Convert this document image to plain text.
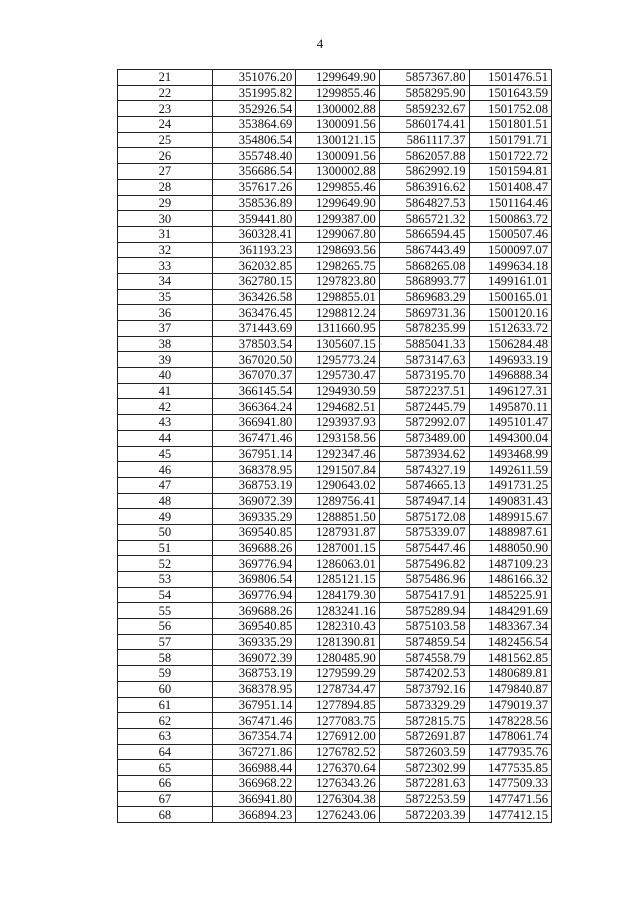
4
21	351076.20	1299649.90	5857367.80	1501476.51
22	351995.82	1299855.46	5858295.90	1501643.59
23	352926.54	1300002.88	5859232.67	1501752.08
24	353864.69	1300091.56	5860174.41	1501801.51
25	354806.54	1300121.15	5861117.37	1501791.71
26	355748.40	1300091.56	5862057.88	1501722.72
27	356686.54	1300002.88	5862992.19	1501594.81
28	357617.26	1299855.46	5863916.62	1501408.47
29	358536.89	1299649.90	5864827.53	1501164.46
30	359441.80	1299387.00	5865721.32	1500863.72
31	360328.41	1299067.80	5866594.45	1500507.46
32	361193.23	1298693.56	5867443.49	1500097.07
33	362032.85	1298265.75	5868265.08	1499634.18
34	362780.15	1297823.80	5868993.77	1499161.01
35	363426.58	1298855.01	5869683.29	1500165.01
36	363476.45	1298812.24	5869731.36	1500120.16
37	371443.69	1311660.95	5878235.99	1512633.72
38	378503.54	1305607.15	5885041.33	1506284.48
39	367020.50	1295773.24	5873147.63	1496933.19
40	367070.37	1295730.47	5873195.70	1496888.34
41	366145.54	1294930.59	5872237.51	1496127.31
42	366364.24	1294682.51	5872445.79	1495870.11
43	366941.80	1293937.93	5872992.07	1495101.47
44	367471.46	1293158.56	5873489.00	1494300.04
45	367951.14	1292347.46	5873934.62	1493468.99
46	368378.95	1291507.84	5874327.19	1492611.59
47	368753.19	1290643.02	5874665.13	1491731.25
48	369072.39	1289756.41	5874947.14	1490831.43
49	369335.29	1288851.50	5875172.08	1489915.67
50	369540.85	1287931.87	5875339.07	1488987.61
51	369688.26	1287001.15	5875447.46	1488050.90
52	369776.94	1286063.01	5875496.82	1487109.23
53	369806.54	1285121.15	5875486.96	1486166.32
54	369776.94	1284179.30	5875417.91	1485225.91
55	369688.26	1283241.16	5875289.94	1484291.69
56	369540.85	1282310.43	5875103.58	1483367.34
57	369335.29	1281390.81	5874859.54	1482456.54
58	369072.39	1280485.90	5874558.79	1481562.85
59	368753.19	1279599.29	5874202.53	1480689.81
60	368378.95	1278734.47	5873792.16	1479840.87
61	367951.14	1277894.85	5873329.29	1479019.37
62	367471.46	1277083.75	5872815.75	1478228.56
63	367354.74	1276912.00	5872691.87	1478061.74
64	367271.86	1276782.52	5872603.59	1477935.76
65	366988.44	1276370.64	5872302.99	1477535.85
66	366968.22	1276343.26	5872281.63	1477509.33
67	366941.80	1276304.38	5872253.59	1477471.56
68	366894.23	1276243.06	5872203.39	1477412.15
